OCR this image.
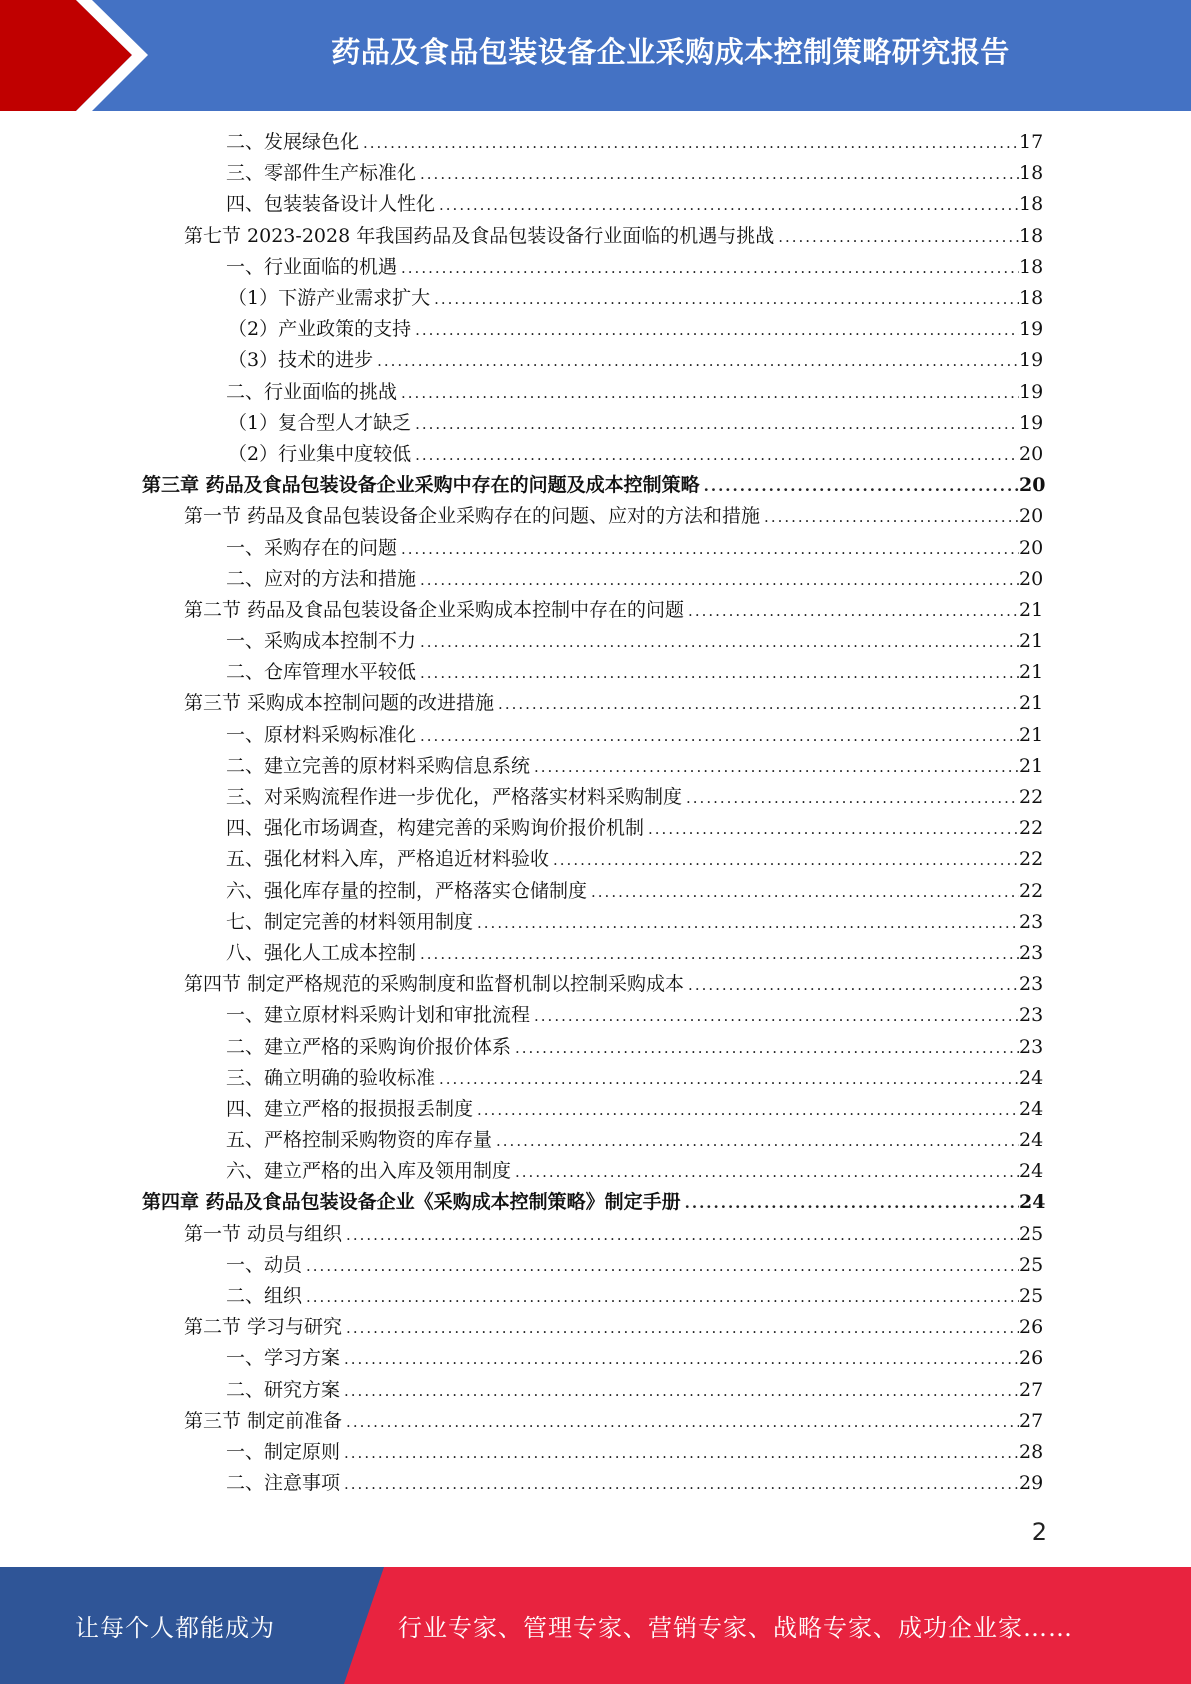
药品及食品包装设备企业采购成本控制策略研究报告
二、发展绿色化 .....	17
三、零部件生产标准化 .....	18
四、包装装备设计人性化 .....	18
第七节 2023-2028 年我国药品及食品包装设备行业面临的机遇与挑战 .....	18
一、行业面临的机遇 .....	18
（1）下游产业需求扩大 .....	18
（2）产业政策的支持 .....	19
（3）技术的进步 .....	19
二、行业面临的挑战 .....	19
（1）复合型人才缺乏 .....	19
（2）行业集中度较低 .....	20
第三章 药品及食品包装设备企业采购中存在的问题及成本控制策略 .....	20
第一节 药品及食品包装设备企业采购存在的问题、应对的方法和措施 .....	20
一、采购存在的问题 .....	20
二、应对的方法和措施 .....	20
第二节 药品及食品包装设备企业采购成本控制中存在的问题 .....	21
一、采购成本控制不力 .....	21
二、仓库管理水平较低 .....	21
第三节 采购成本控制问题的改进措施 .....	21
一、原材料采购标准化 .....	21
二、建立完善的原材料采购信息系统 .....	21
三、对采购流程作进一步优化，严格落实材料采购制度 .....	22
四、强化市场调查，构建完善的采购询价报价机制 .....	22
五、强化材料入库，严格追近材料验收 .....	22
六、强化库存量的控制，严格落实仓储制度 .....	22
七、制定完善的材料领用制度 .....	23
八、强化人工成本控制 .....	23
第四节 制定严格规范的采购制度和监督机制以控制采购成本 .....	23
一、建立原材料采购计划和审批流程 .....	23
二、建立严格的采购询价报价体系 .....	23
三、确立明确的验收标准 .....	24
四、建立严格的报损报丢制度 .....	24
五、严格控制采购物资的库存量 .....	24
六、建立严格的出入库及领用制度 .....	24
第四章 药品及食品包装设备企业《采购成本控制策略》制定手册 .....	24
第一节 动员与组织 .....	25
一、动员 .....	25
二、组织 .....	25
第二节 学习与研究 .....	26
一、学习方案 .....	26
二、研究方案 .....	27
第三节 制定前准备 .....	27
一、制定原则 .....	28
二、注意事项 .....	29
2
让每个人都能成为	行业专家、管理专家、营销专家、战略专家、成功企业家……
